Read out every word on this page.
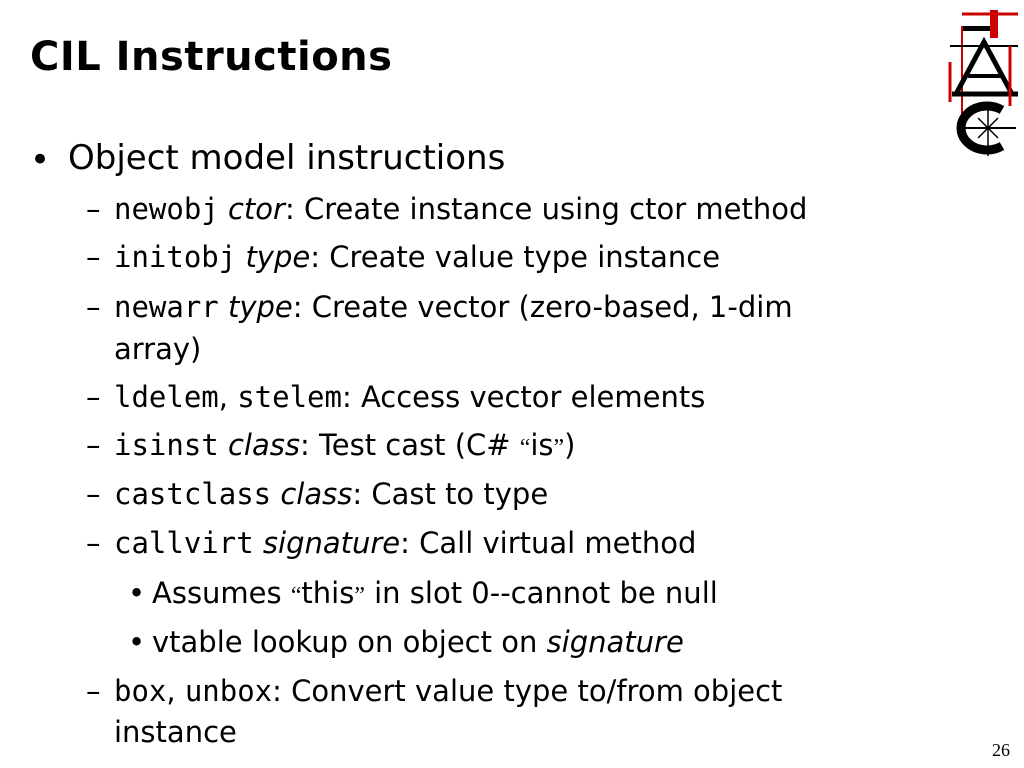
CIL Instructions
• Object model instructions
– newobj ctor: Create instance using ctor method
– initobj type: Create value type instance
– newarr type: Create vector (zero-based, 1-dim
array)
– ldelem, stelem: Access vector elements
– isinst class: Test cast (C# “is”)
– castclass class: Cast to type
– callvirt signature: Call virtual method
• Assumes “this” in slot 0--cannot be null
• vtable lookup on object on signature
– box, unbox: Convert value type to/from object
instance
26
